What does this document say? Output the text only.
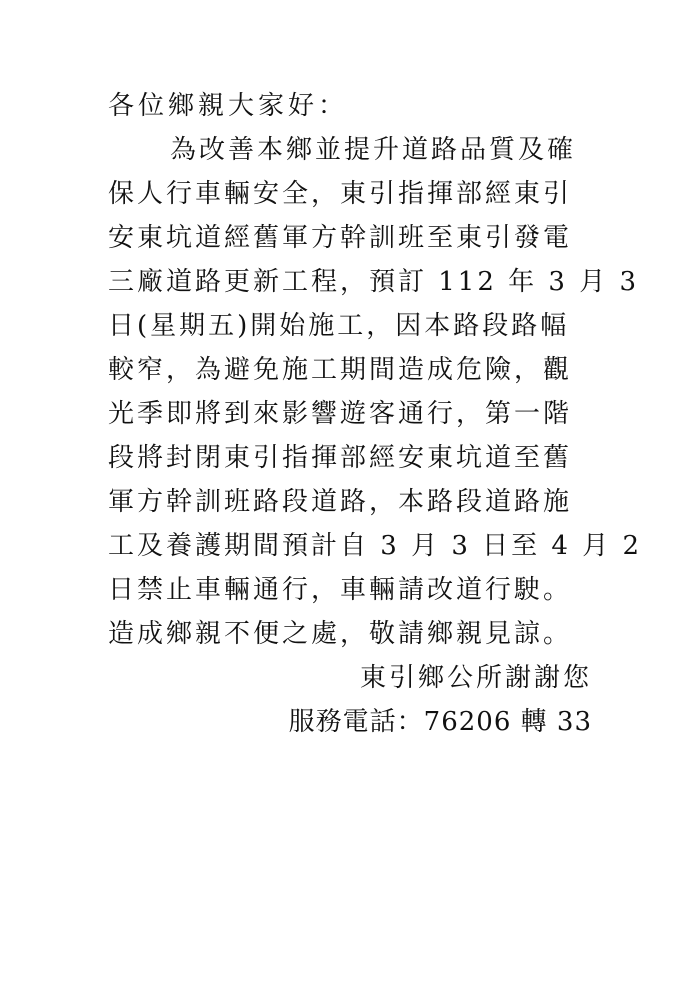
各位鄉親大家好：
為改善本鄉並提升道路品質及確
保人行車輛安全，東引指揮部經東引
安東坑道經舊軍方幹訓班至東引發電
三廠道路更新工程，預訂 112 年 3 月 3
日(星期五)開始施工，因本路段路幅
較窄，為避免施工期間造成危險，觀
光季即將到來影響遊客通行，第一階
段將封閉東引指揮部經安東坑道至舊
軍方幹訓班路段道路，本路段道路施
工及養護期間預計自 3 月 3 日至 4 月 2
日禁止車輛通行，車輛請改道行駛。
造成鄉親不便之處，敬請鄉親見諒。
東引鄉公所謝謝您
服務電話：76206 轉 33
